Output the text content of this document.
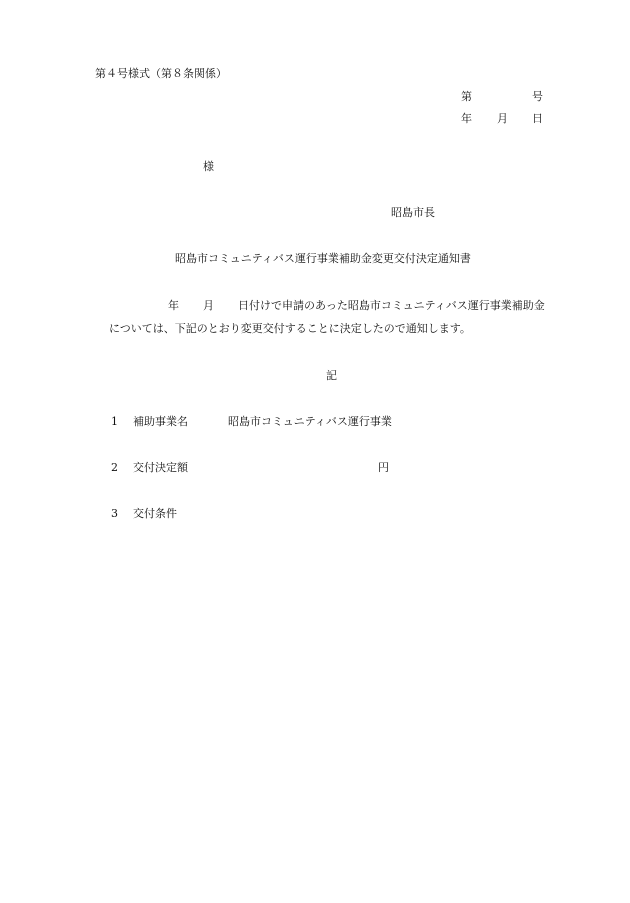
第４号様式（第８条関係）
第	号
年 月 日
様
昭島市長
昭島市コミュニティバス運行事業補助金変更交付決定通知書
年 月 日付けで申請のあった昭島市コミュニティバス運行事業補助金
については、下記のとおり変更交付することに決定したので通知します。
記
1 補助事業名	昭島市コミュニティバス運行事業
2 交付決定額	円
3 交付条件
